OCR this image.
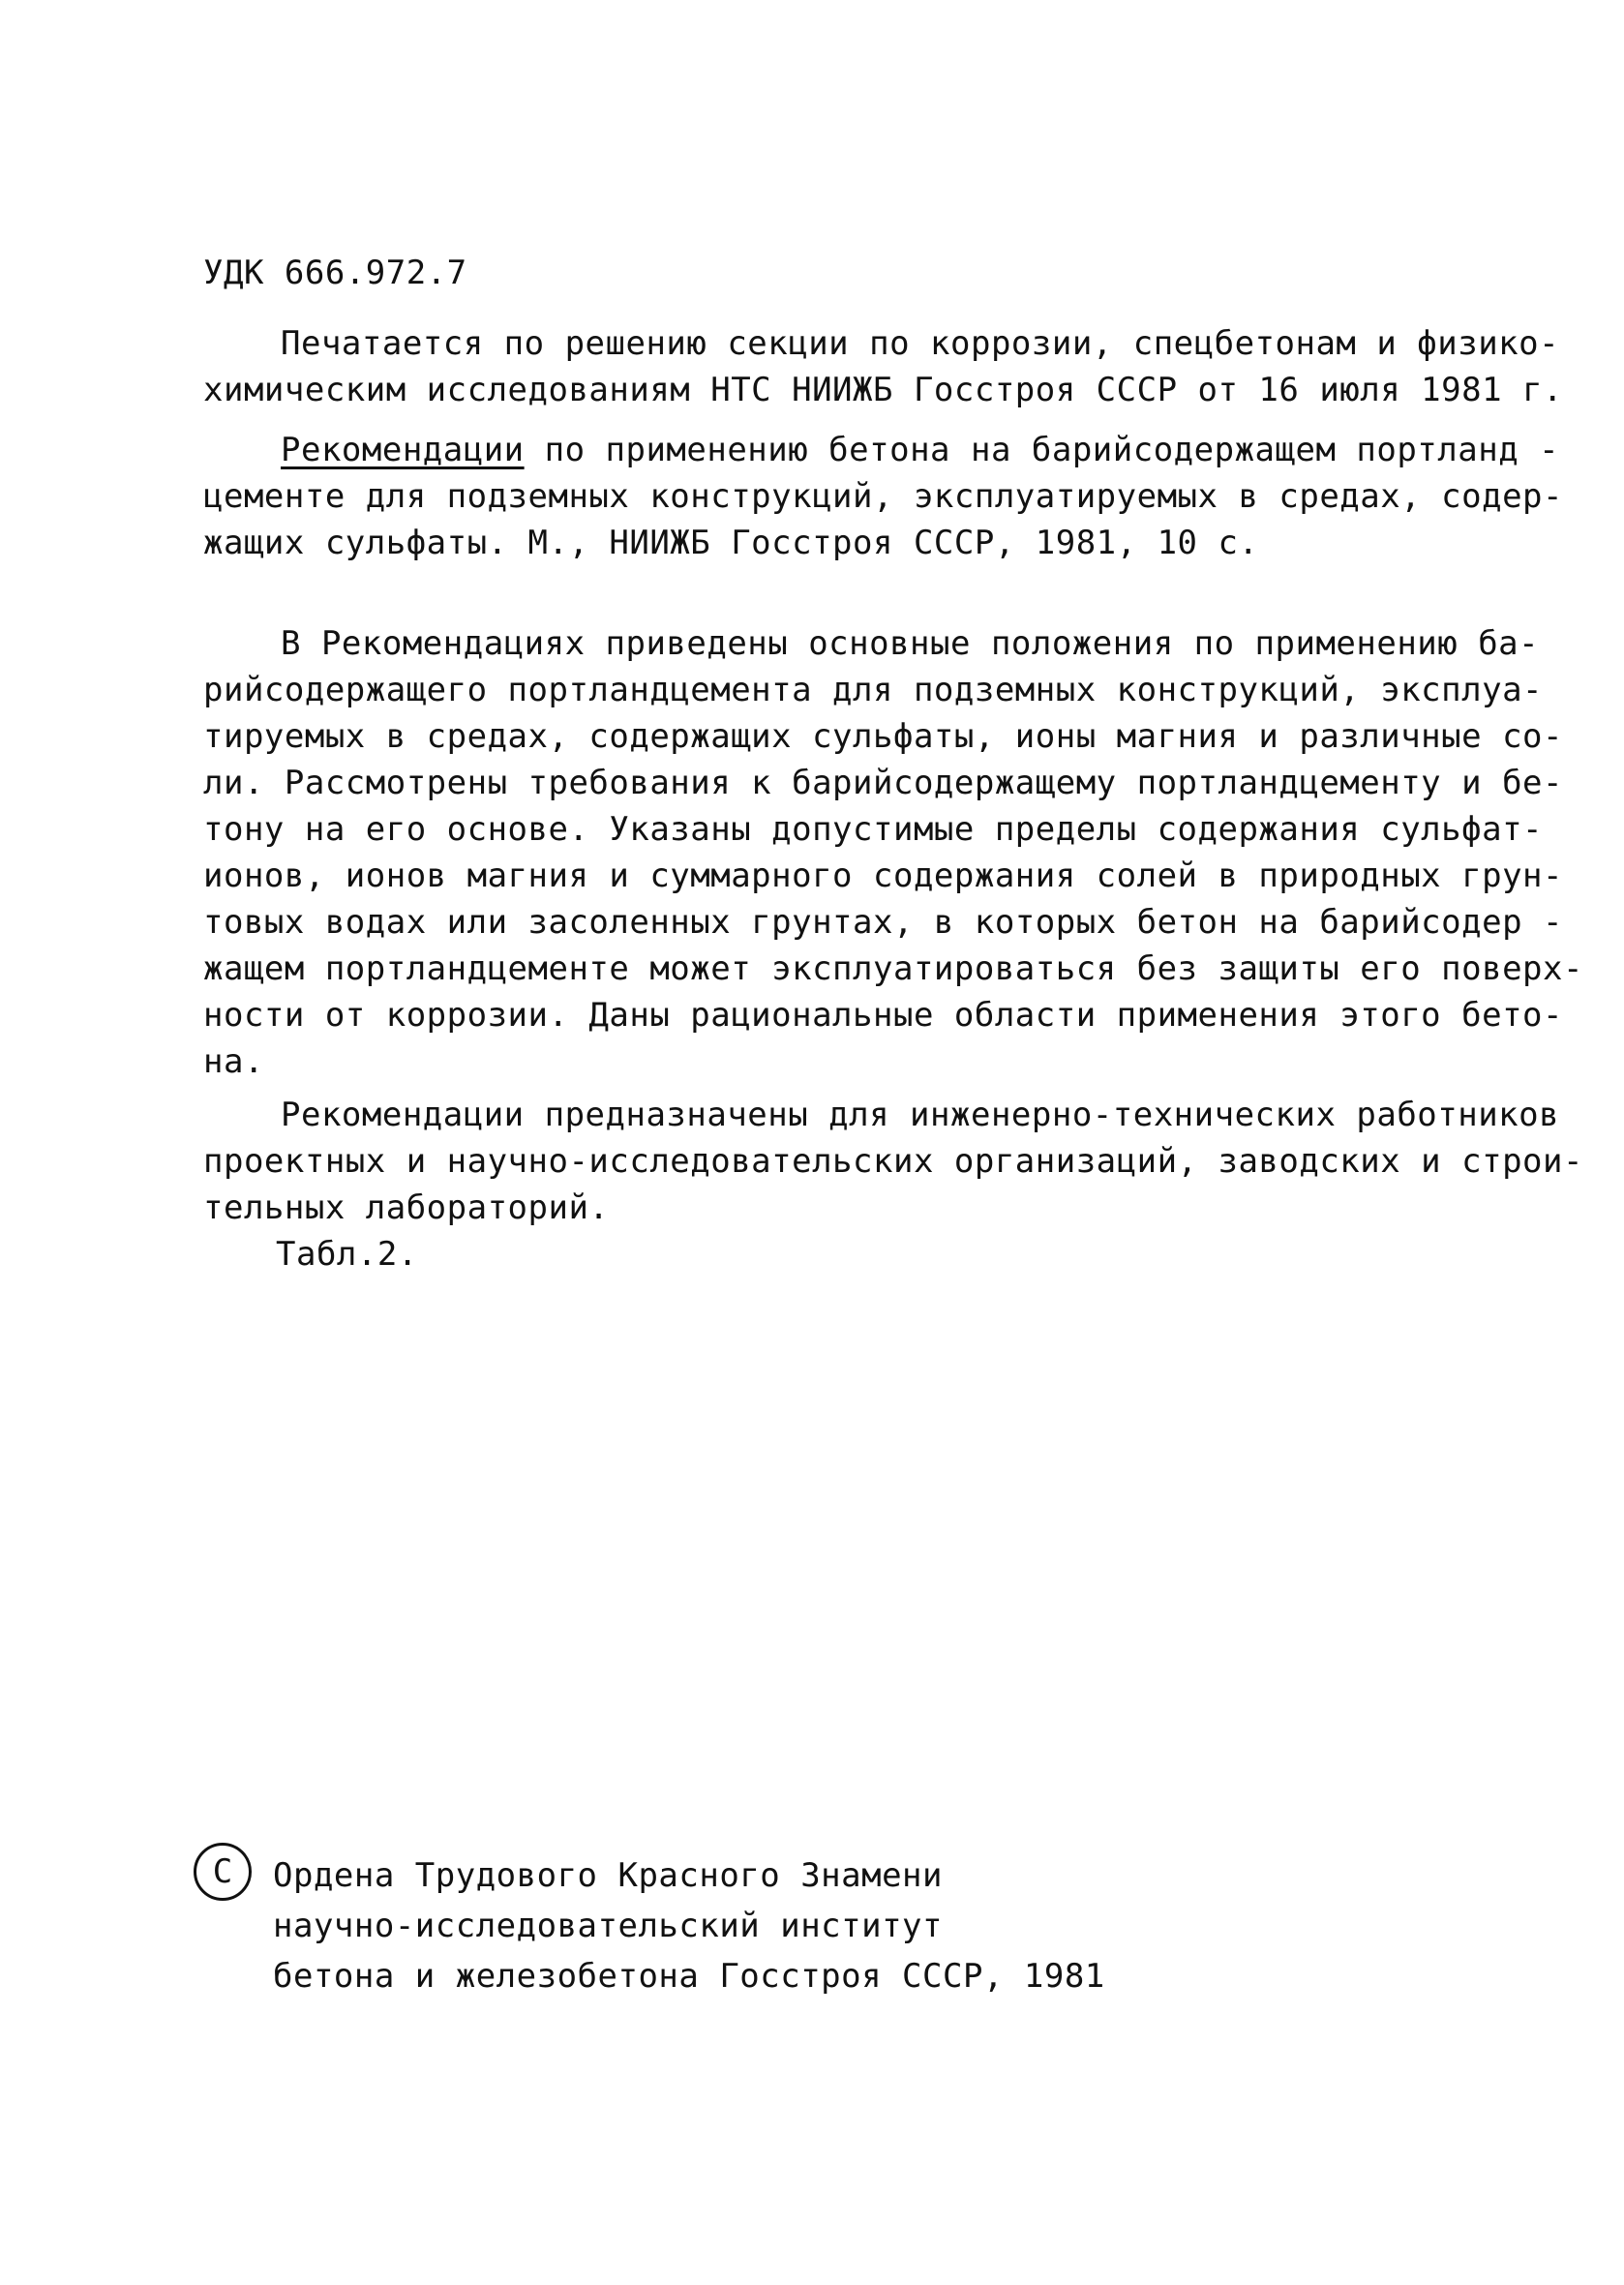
УДК 666.972.7
Печатается по решению секции по коррозии, спецбетонам и физико-
химическим исследованиям НТС НИИЖБ Госстроя СССР от 16 июля 1981 г.
Рекомендации по применению бетона на барийсодержащем портланд -
цементе для подземных конструкций, эксплуатируемых в средах, содер-
жащих сульфаты. М., НИИЖБ Госстроя СССР, 1981, 10 с.
В Рекомендациях приведены основные положения по применению ба-
рийсодержащего портландцемента для подземных конструкций, эксплуа-
тируемых в средах, содержащих сульфаты, ионы магния и различные со-
ли. Рассмотрены требования к барийсодержащему портландцементу и бе-
тону на его основе. Указаны допустимые пределы содержания сульфат-
ионов, ионов магния и суммарного содержания солей в природных грун-
товых водах или засоленных грунтах, в которых бетон на барийсодер -
жащем портландцементе может эксплуатироваться без защиты его поверх-
ности от коррозии. Даны рациональные области применения этого бето-
на.
Рекомендации предназначены для инженерно-технических работников
проектных и научно-исследовательских организаций, заводских и строи-
тельных лабораторий.
Табл.2.
С Ордена Трудового Красного Знамени
научно-исследовательский институт
бетона и железобетона Госстроя СССР, 1981
